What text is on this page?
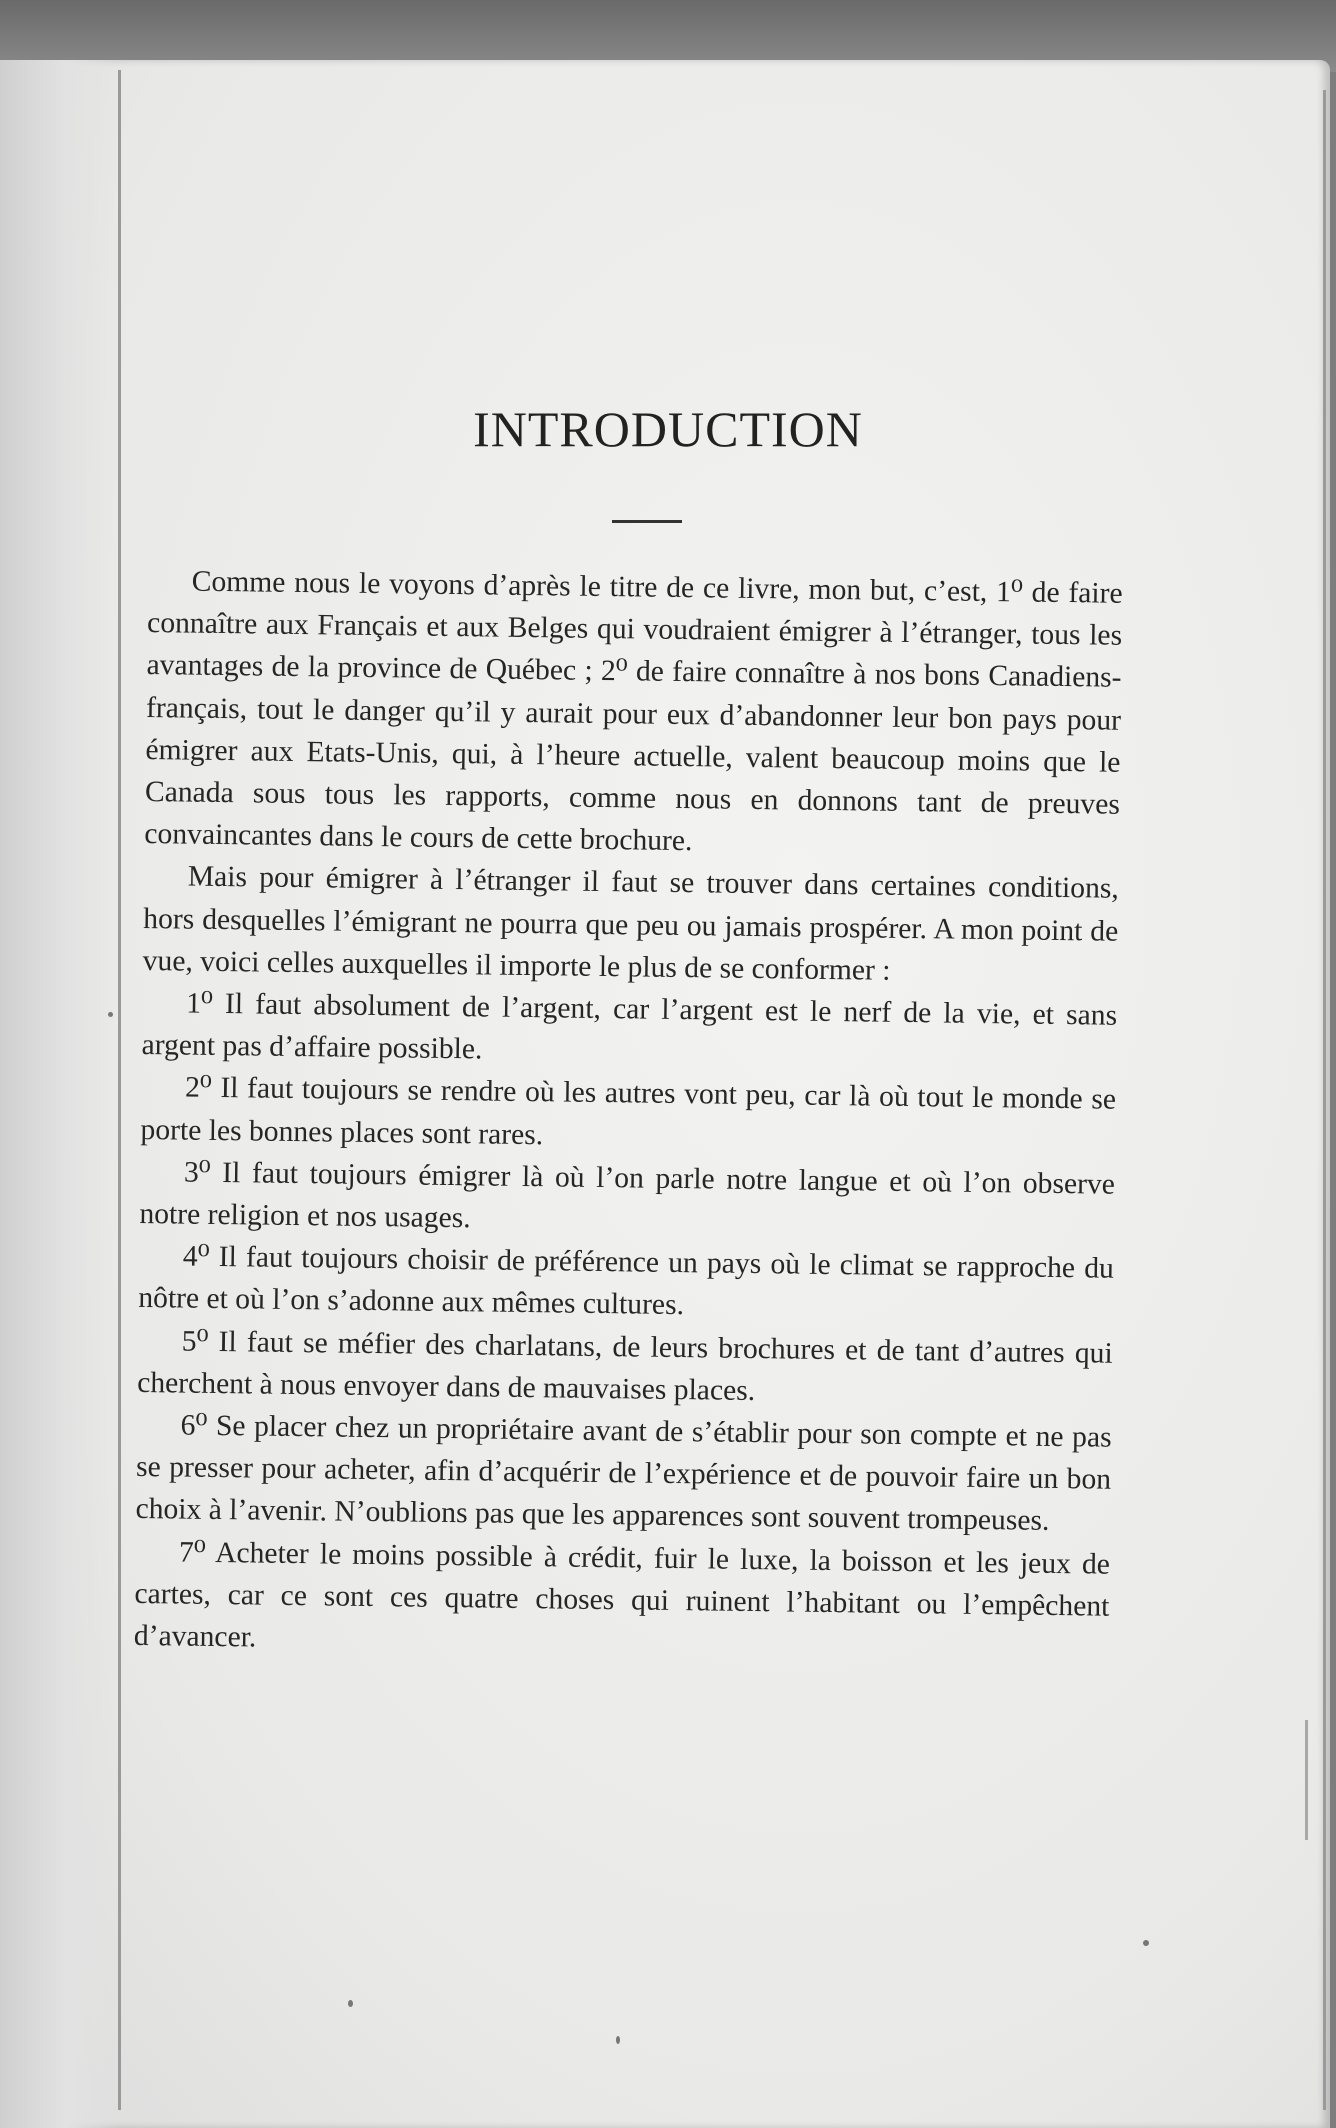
INTRODUCTION

Comme nous le voyons d’après le titre de ce livre, mon but, c’est, 1⁰ de faire connaître aux Français et aux Belges qui voudraient émigrer à l’étranger, tous les avantages de la province de Québec ; 2⁰ de faire connaître à nos bons Canadiens-français, tout le danger qu’il y aurait pour eux d’abandonner leur bon pays pour émigrer aux Etats-Unis, qui, à l’heure actuelle, valent beaucoup moins que le Canada sous tous les rapports, comme nous en donnons tant de preuves convaincantes dans le cours de cette brochure.

Mais pour émigrer à l’étranger il faut se trouver dans certaines conditions, hors desquelles l’émigrant ne pourra que peu ou jamais prospérer. A mon point de vue, voici celles auxquelles il importe le plus de se conformer :

1⁰ Il faut absolument de l’argent, car l’argent est le nerf de la vie, et sans argent pas d’affaire possible.

2⁰ Il faut toujours se rendre où les autres vont peu, car là où tout le monde se porte les bonnes places sont rares.

3⁰ Il faut toujours émigrer là où l’on parle notre langue et où l’on observe notre religion et nos usages.

4⁰ Il faut toujours choisir de préférence un pays où le climat se rapproche du nôtre et où l’on s’adonne aux mêmes cultures.

5⁰ Il faut se méfier des charlatans, de leurs brochures et de tant d’autres qui cherchent à nous envoyer dans de mauvaises places.

6⁰ Se placer chez un propriétaire avant de s’établir pour son compte et ne pas se presser pour acheter, afin d’acquérir de l’expérience et de pouvoir faire un bon choix à l’avenir. N’oublions pas que les apparences sont souvent trompeuses.

7⁰ Acheter le moins possible à crédit, fuir le luxe, la boisson et les jeux de cartes, car ce sont ces quatre choses qui ruinent l’habitant ou l’empêchent d’avancer.
